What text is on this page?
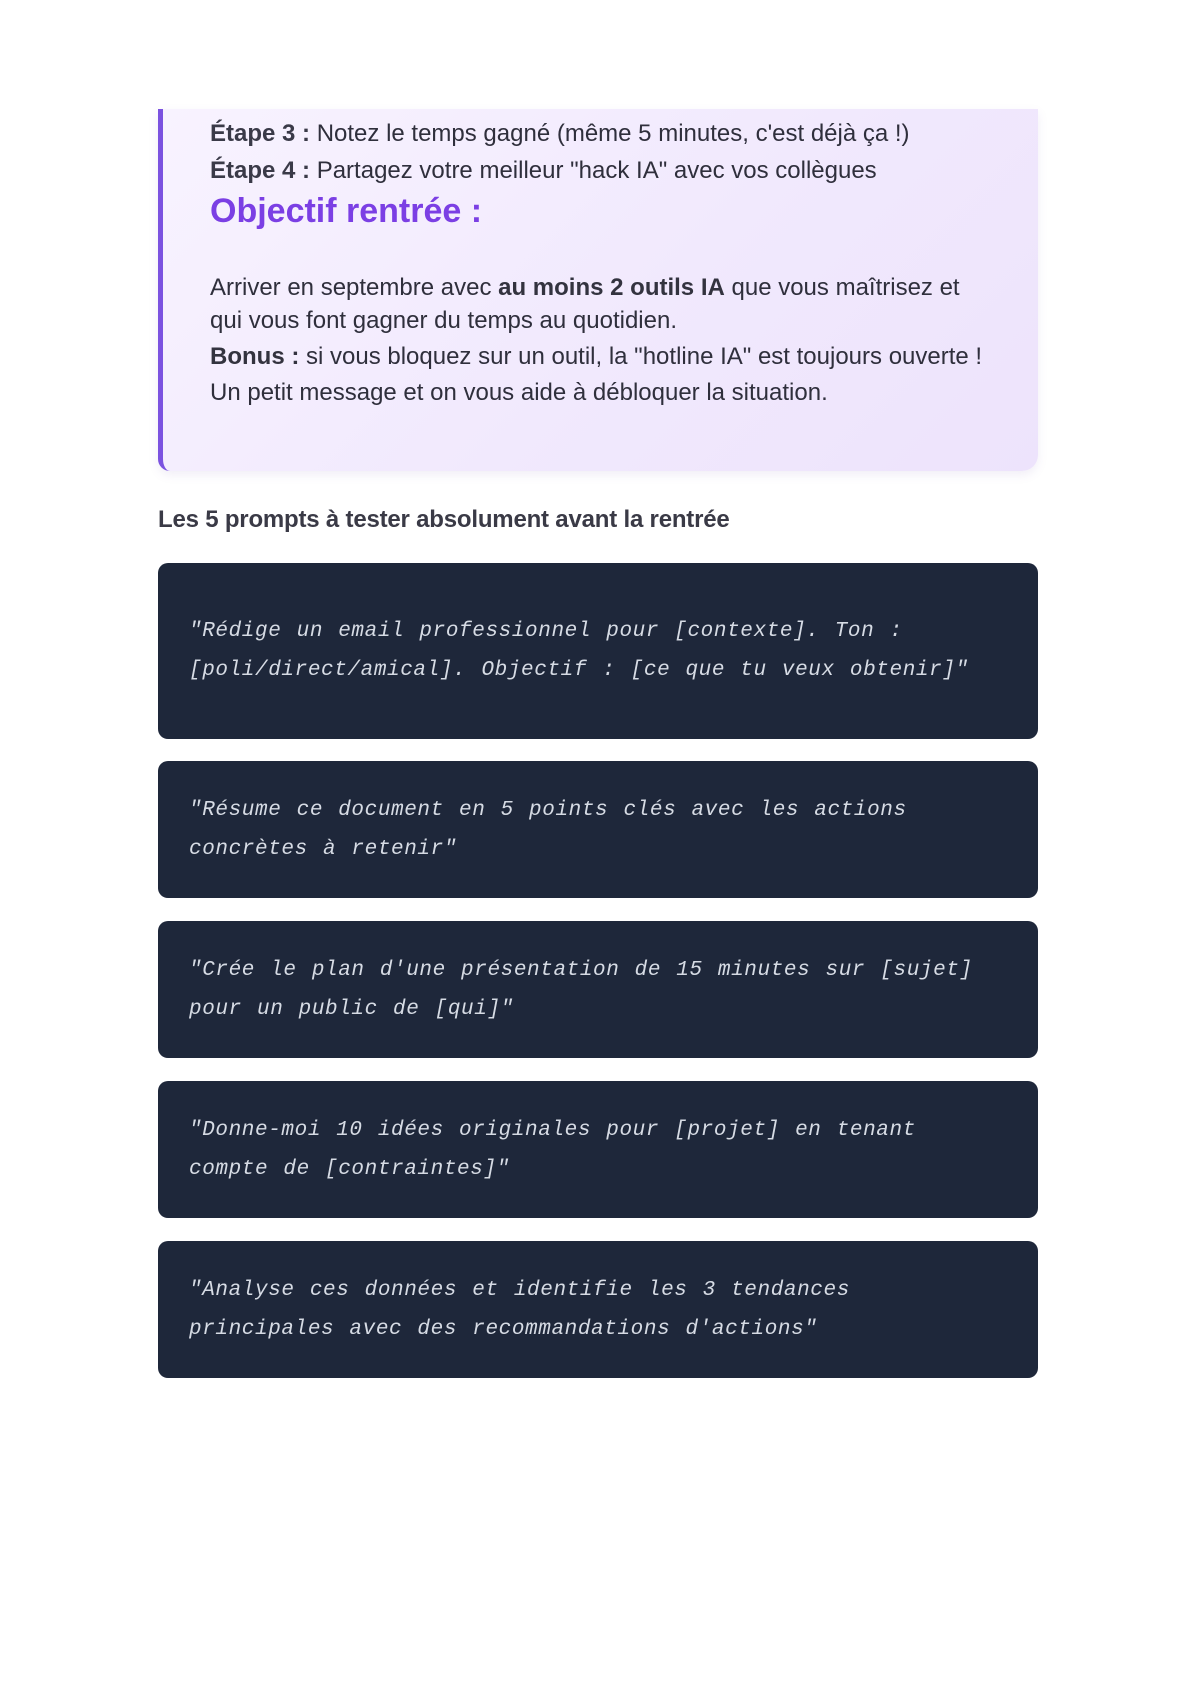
Étape 3 : Notez le temps gagné (même 5 minutes, c'est déjà ça !)
Étape 4 : Partagez votre meilleur "hack IA" avec vos collègues
Objectif rentrée :
Arriver en septembre avec au moins 2 outils IA que vous maîtrisez et qui vous font gagner du temps au quotidien.
Bonus : si vous bloquez sur un outil, la "hotline IA" est toujours ouverte ! Un petit message et on vous aide à débloquer la situation.
Les 5 prompts à tester absolument avant la rentrée
"Rédige un email professionnel pour [contexte]. Ton : [poli/direct/amical]. Objectif : [ce que tu veux obtenir]"
"Résume ce document en 5 points clés avec les actions concrètes à retenir"
"Crée le plan d'une présentation de 15 minutes sur [sujet] pour un public de [qui]"
"Donne-moi 10 idées originales pour [projet] en tenant compte de [contraintes]"
"Analyse ces données et identifie les 3 tendances principales avec des recommandations d'actions"
